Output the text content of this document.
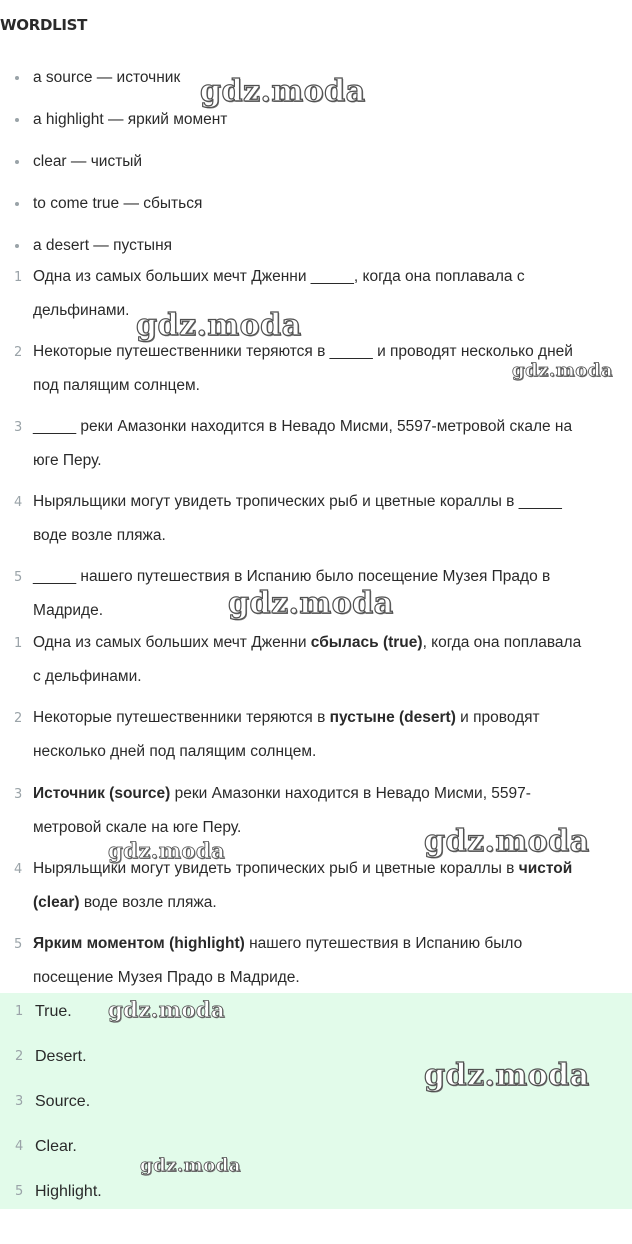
WORDLIST
a source — источник
a highlight — яркий момент
clear — чистый
to come true — сбыться
a desert — пустыня
1 Одна из самых больших мечт Дженни _____, когда она поплавала с
дельфинами.
2 Некоторые путешественники теряются в _____ и проводят несколько дней
под палящим солнцем.
3 _____ реки Амазонки находится в Невадо Мисми, 5597-метровой скале на
юге Перу.
4 Ныряльщики могут увидеть тропических рыб и цветные кораллы в _____
воде возле пляжа.
5 _____ нашего путешествия в Испанию было посещение Музея Прадо в
Мадриде.
1 Одна из самых больших мечт Дженни сбылась (true), когда она поплавала
с дельфинами.
2 Некоторые путешественники теряются в пустыне (desert) и проводят
несколько дней под палящим солнцем.
3 Источник (source) реки Амазонки находится в Невадо Мисми, 5597-
метровой скале на юге Перу.
4 Ныряльщики могут увидеть тропических рыб и цветные кораллы в чистой
(clear) воде возле пляжа.
5 Ярким моментом (highlight) нашего путешествия в Испанию было
посещение Музея Прадо в Мадриде.
1 True.
2 Desert.
3 Source.
4 Clear.
5 Highlight.
gdz.moda
gdz.moda
gdz.moda
gdz.moda
gdz.moda
gdz.moda
gdz.moda
gdz.moda
gdz.moda
